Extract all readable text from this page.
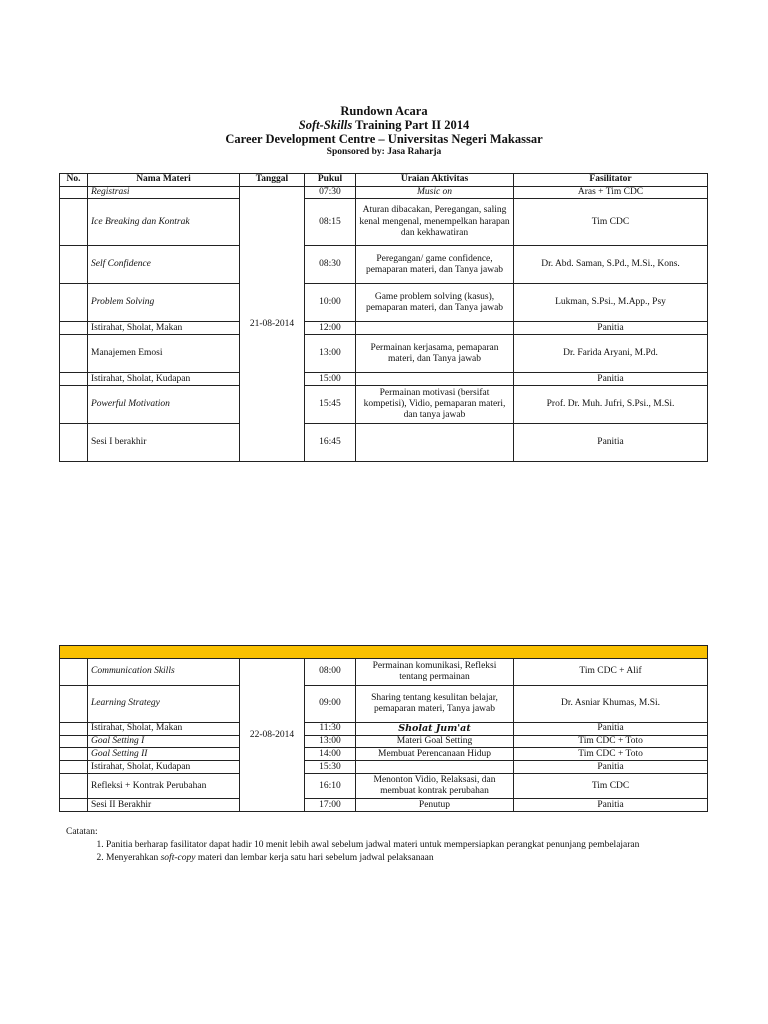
Rundown Acara
Soft-Skills Training Part II 2014
Career Development Centre – Universitas Negeri Makassar
Sponsored by: Jasa Raharja
No.	Nama Materi	Tanggal	Pukul	Uraian Aktivitas	Fasilitator
	Registrasi	21-08-2014	07:30	Music on	Aras + Tim CDC
	Ice Breaking dan Kontrak		08:15	Aturan dibacakan, Peregangan, saling kenal mengenal, menempelkan harapan dan kekhawatiran	Tim CDC
	Self Confidence		08:30	Peregangan/ game confidence, pemaparan materi, dan Tanya jawab	Dr. Abd. Saman, S.Pd., M.Si., Kons.
	Problem Solving		10:00	Game problem solving (kasus), pemaparan materi, dan Tanya jawab	Lukman, S.Psi., M.App., Psy
	Istirahat, Sholat, Makan		12:00		Panitia
	Manajemen Emosi		13:00	Permainan kerjasama, pemaparan materi, dan Tanya jawab	Dr. Farida Aryani, M.Pd.
	Istirahat, Sholat, Kudapan		15:00		Panitia
	Powerful Motivation		15:45	Permainan motivasi (bersifat kompetisi), Vidio, pemaparan materi, dan tanya jawab	Prof. Dr. Muh. Jufri, S.Psi., M.Si.
	Sesi I berakhir		16:45		Panitia

	Communication Skills	22-08-2014	08:00	Permainan komunikasi, Refleksi tentang permainan	Tim CDC + Alif
	Learning Strategy		09:00	Sharing tentang kesulitan belajar, pemaparan materi, Tanya jawab	Dr. Asniar Khumas, M.Si.
	Istirahat, Sholat, Makan		11:30	Sholat Jum'at	Panitia
	Goal Setting I		13:00	Materi Goal Setting	Tim CDC + Toto
	Goal Setting II		14:00	Membuat Perencanaan Hidup	Tim CDC + Toto
	Istirahat, Sholat, Kudapan		15:30		Panitia
	Refleksi + Kontrak Perubahan		16:10	Menonton Vidio, Relaksasi, dan membuat kontrak perubahan	Tim CDC
	Sesi II Berakhir		17:00	Penutup	Panitia
Catatan:
1. Panitia berharap fasilitator dapat hadir 10 menit lebih awal sebelum jadwal materi untuk mempersiapkan perangkat penunjang pembelajaran
2. Menyerahkan soft-copy materi dan lembar kerja satu hari sebelum jadwal pelaksanaan
